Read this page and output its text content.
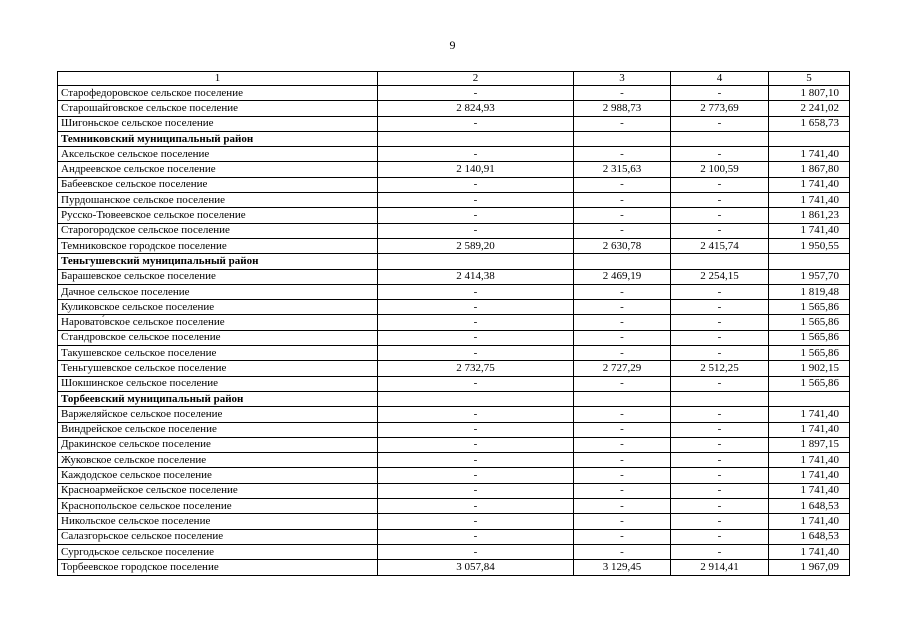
9
1	2	3	4	5
Старофедоровское сельское поселение	-	-	-	1 807,10
Старошайговское сельское поселение	2 824,93	2 988,73	2 773,69	2 241,02
Шигоньское сельское поселение	-	-	-	1 658,73
Темниковский муниципальный район				
Аксельское сельское поселение	-	-	-	1 741,40
Андреевское сельское поселение	2 140,91	2 315,63	2 100,59	1 867,80
Бабеевское сельское поселение	-	-	-	1 741,40
Пурдошанское сельское поселение	-	-	-	1 741,40
Русско-Тювеевское сельское поселение	-	-	-	1 861,23
Старогородское сельское поселение	-	-	-	1 741,40
Темниковское городское поселение	2 589,20	2 630,78	2 415,74	1 950,55
Теньгушевский муниципальный район				
Барашевское сельское поселение	2 414,38	2 469,19	2 254,15	1 957,70
Дачное сельское поселение	-	-	-	1 819,48
Куликовское сельское поселение	-	-	-	1 565,86
Наровато́вское сельское поселение	-	-	-	1 565,86
Стандровское сельское поселение	-	-	-	1 565,86
Такушевское сельское поселение	-	-	-	1 565,86
Теньгушевское сельское поселение	2 732,75	2 727,29	2 512,25	1 902,15
Шокшинское сельское поселение	-	-	-	1 565,86
Торбеевский муниципальный район				
Варжеляйское сельское поселение	-	-	-	1 741,40
Виндрейское сельское поселение	-	-	-	1 741,40
Дракинское сельское поселение	-	-	-	1 897,15
Жуковское сельское поселение	-	-	-	1 741,40
Каждодское сельское поселение	-	-	-	1 741,40
Красноармейское сельское поселение	-	-	-	1 741,40
Краснопольское сельское поселение	-	-	-	1 648,53
Никольское сельское поселение	-	-	-	1 741,40
Салазгорьское сельское поселение	-	-	-	1 648,53
Сургодьское сельское поселение	-	-	-	1 741,40
Торбеевское городское поселение	3 057,84	3 129,45	2 914,41	1 967,09
